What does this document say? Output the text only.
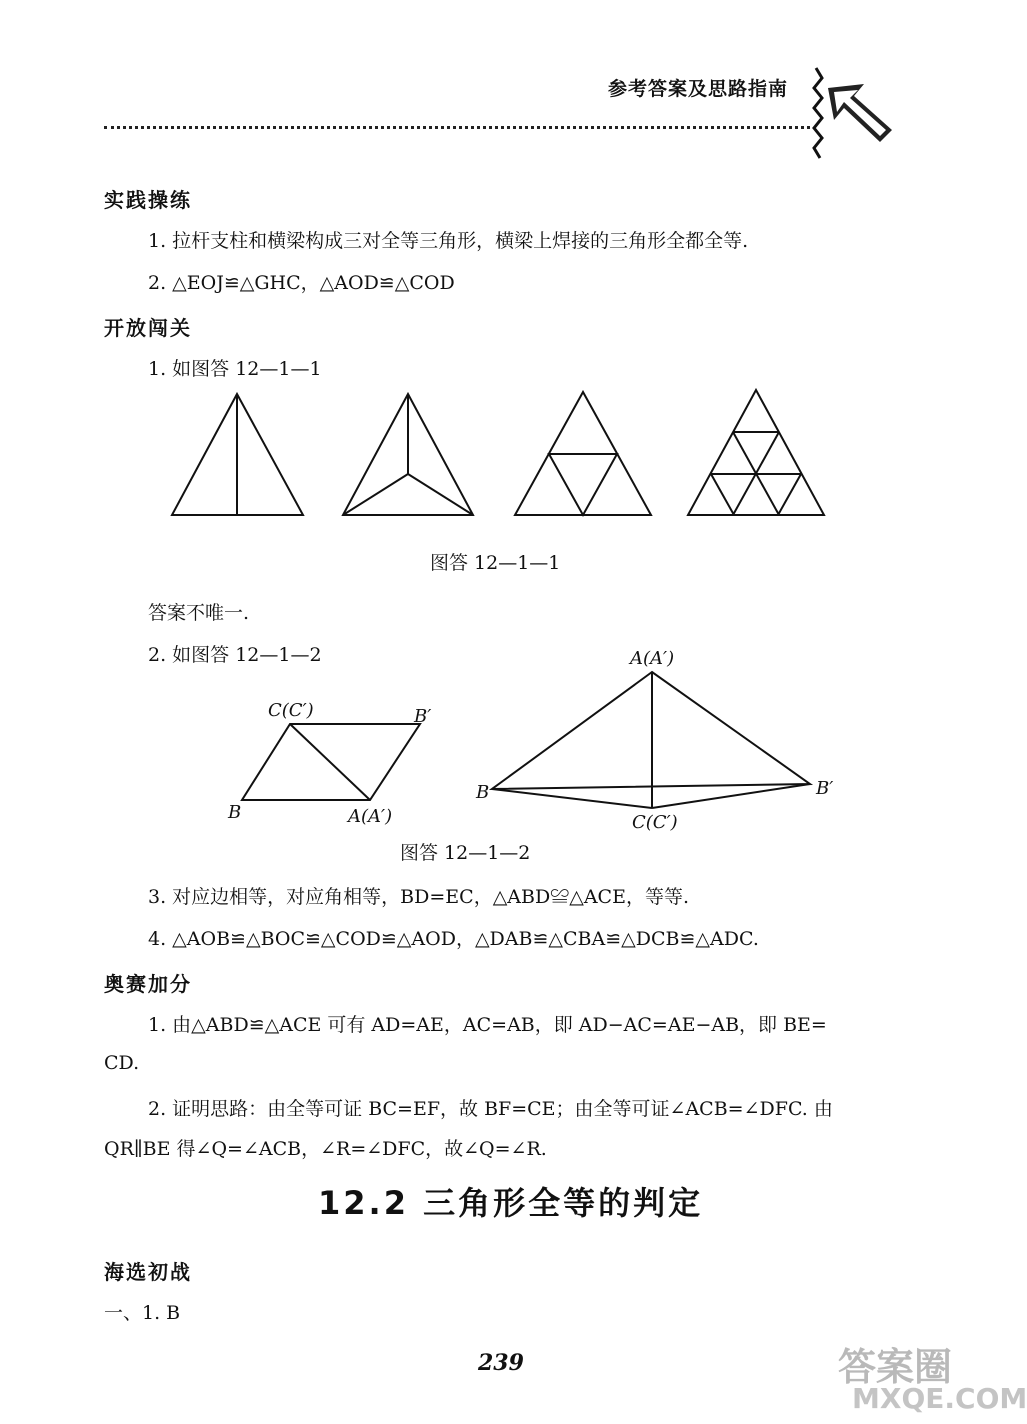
参考答案及思路指南
实践操练
1. 拉杆支柱和横梁构成三对全等三角形，横梁上焊接的三角形全都全等.
2. △EOJ≌△GHC，△AOD≌△COD
开放闯关
1. 如图答 12—1—1
图答 12—1—1
答案不唯一.
2. 如图答 12—1—2
C(C′)	B′
B	A(A′)
A(A′)
B	B′
C(C′)
图答 12—1—2
3. 对应边相等，对应角相等，BD=EC，△ABD≌△ACE，等等.
4. △AOB≌△BOC≌△COD≌△AOD，△DAB≌△CBA≌△DCB≌△ADC.
奥赛加分
1. 由△ABD≌△ACE 可有 AD=AE，AC=AB，即 AD−AC=AE−AB，即 BE=
CD.
2. 证明思路：由全等可证 BC=EF，故 BF=CE；由全等可证∠ACB=∠DFC. 由
QR∥BE 得∠Q=∠ACB，∠R=∠DFC，故∠Q=∠R.
12.2 三角形全等的判定
海选初战
一、1. B
239	答案圈
MXQE.COM
